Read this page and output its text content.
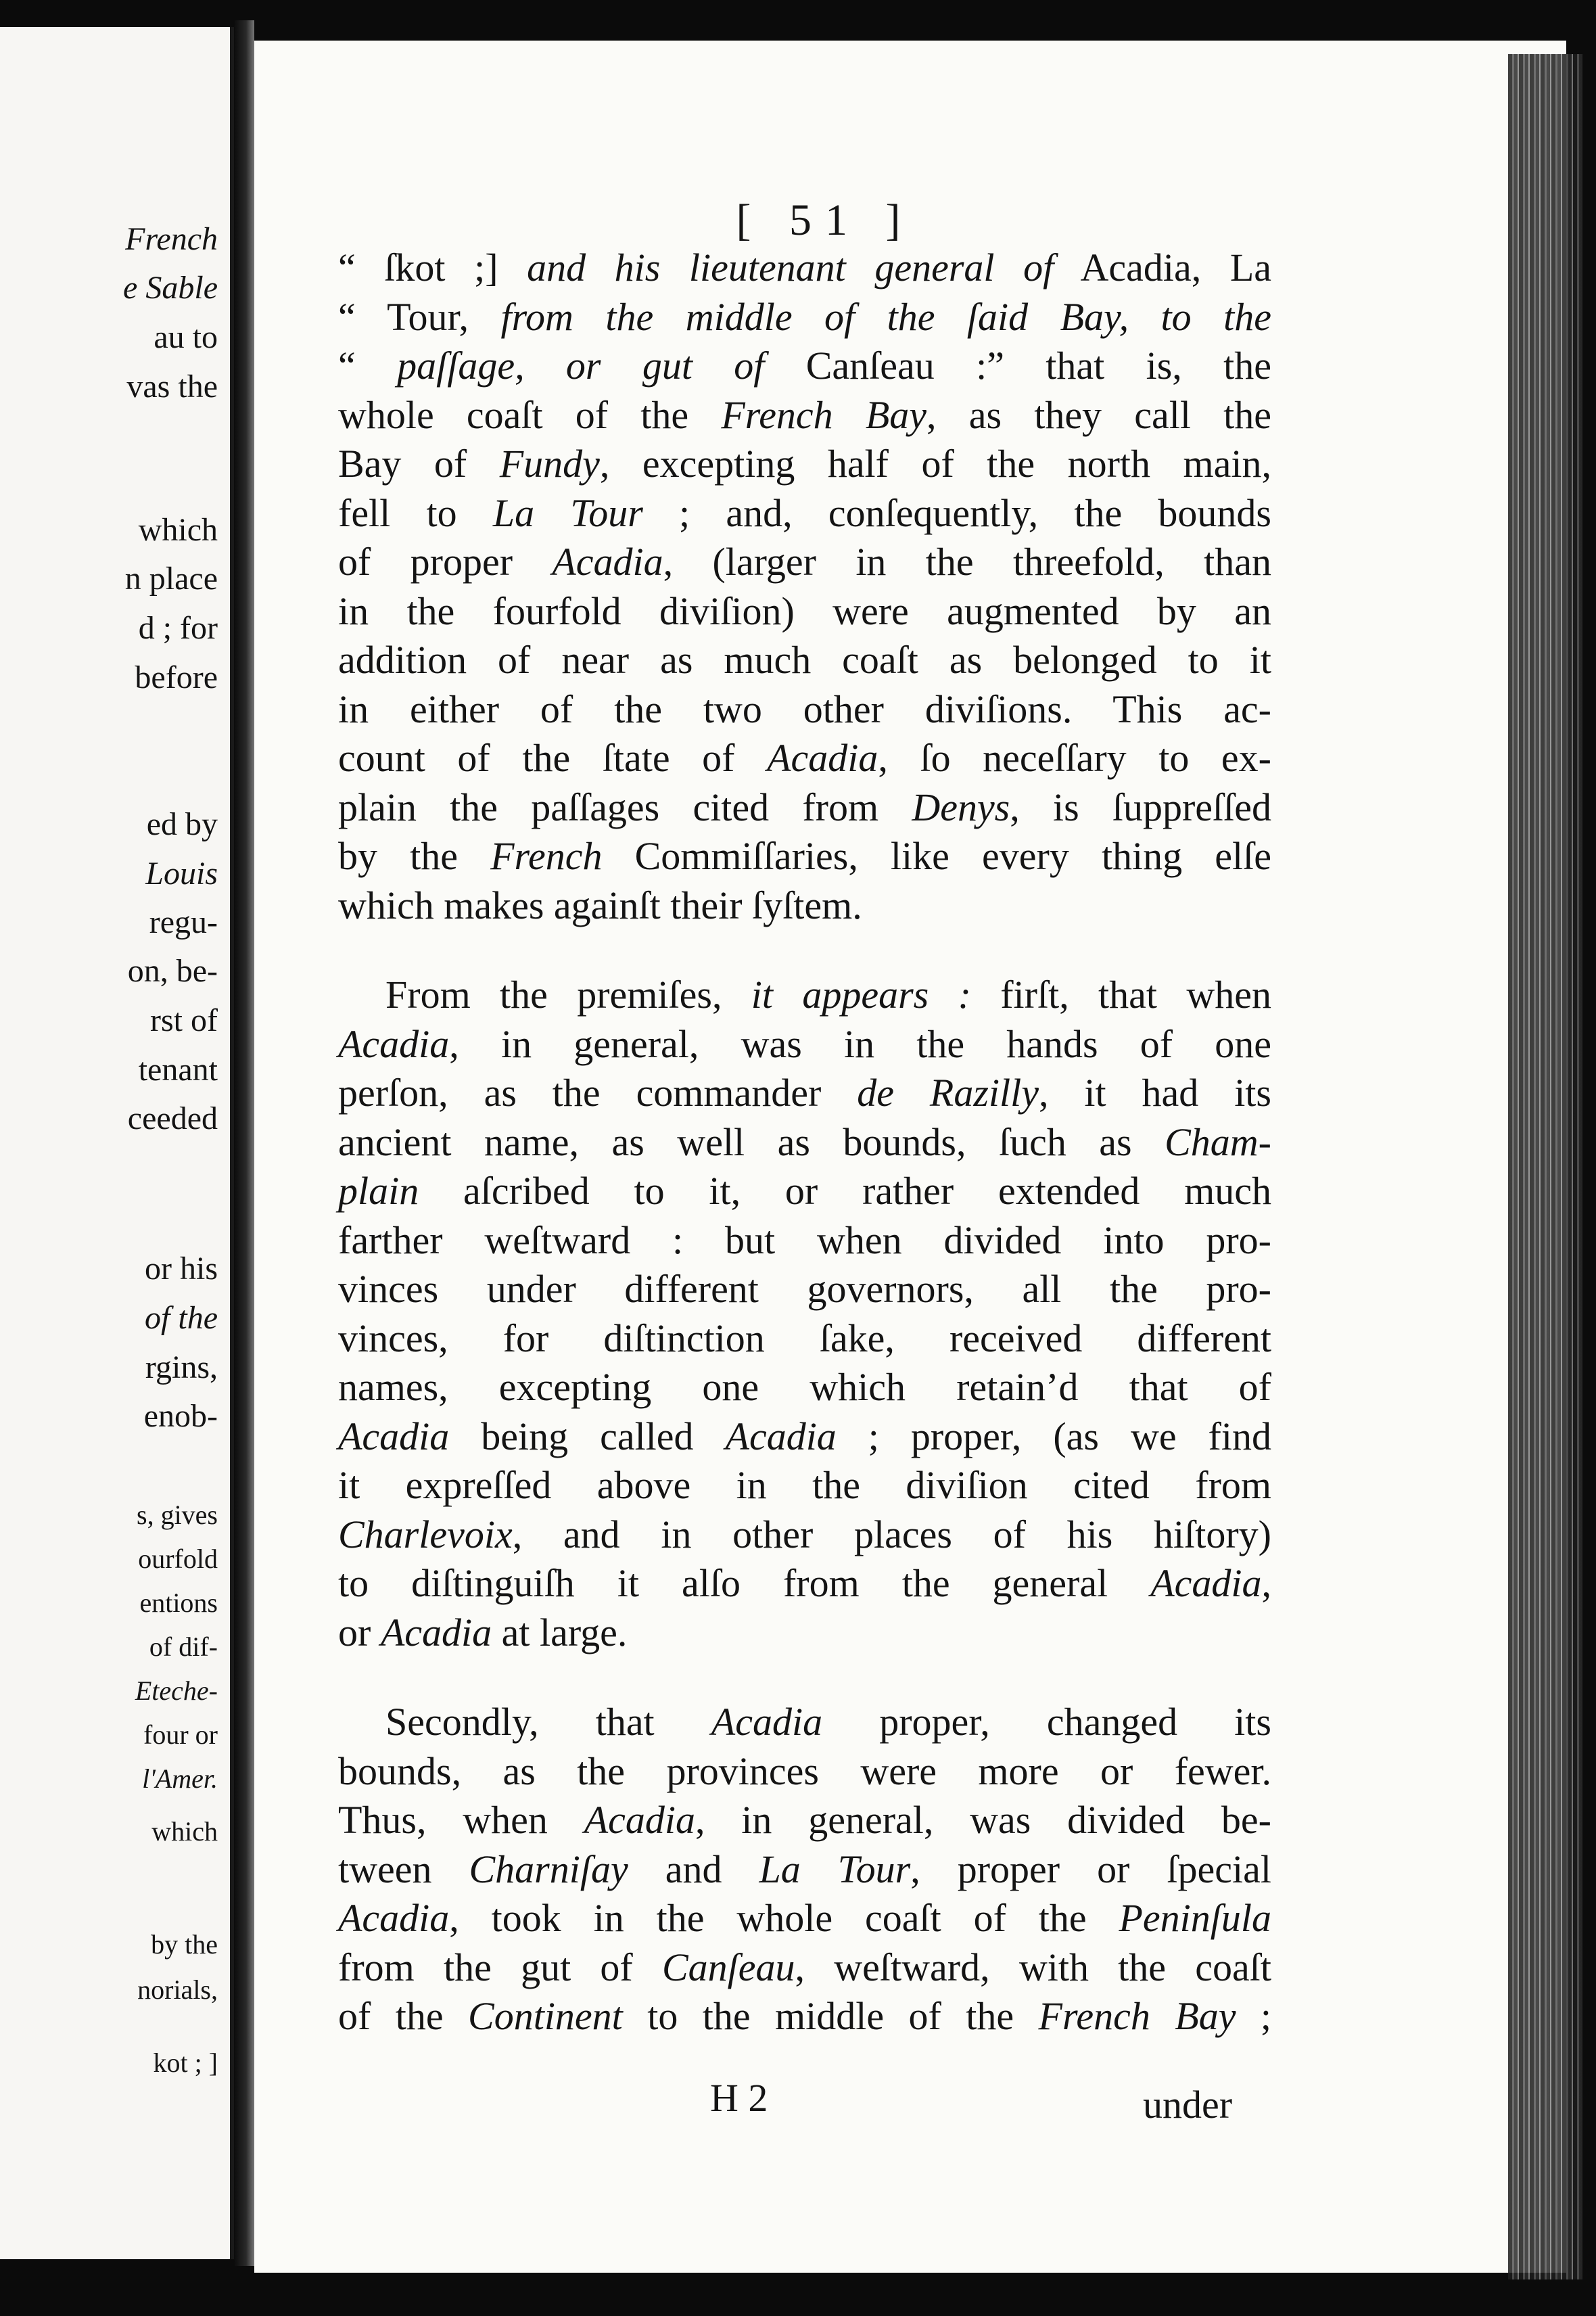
French
e Sable
au to
vas the
which
n place
d ; for
before
ed by
Louis
regu-
on, be-
rst of
tenant
ceeded
or his
of the
rgins,
enob-
s, gives
ourfold
entions
of dif-
Eteche-
four or
l'Amer.
which
by the
norials,
kot ; ]
[ 51 ]
“ ſkot ;] and his lieutenant general of Acadia, La
“ Tour, from the middle of the ſaid Bay, to the
“ paſſage, or gut of Canſeau :” that is, the
whole coaſt of the French Bay, as they call the
Bay of Fundy, excepting half of the north main,
fell to La Tour ; and, conſequently, the bounds
of proper Acadia, (larger in the threefold, than
in the fourfold diviſion) were augmented by an
addition of near as much coaſt as belonged to it
in either of the two other diviſions. This ac-
count of the ſtate of Acadia, ſo neceſſary to ex-
plain the paſſages cited from Denys, is ſuppreſſed
by the French Commiſſaries, like every thing elſe
which makes againſt their ſyſtem.
From the premiſes, it appears : firſt, that when
Acadia, in general, was in the hands of one
perſon, as the commander de Razilly, it had its
ancient name, as well as bounds, ſuch as Cham-
plain aſcribed to it, or rather extended much
farther weſtward : but when divided into pro-
vinces under different governors, all the pro-
vinces, for diſtinction ſake, received different
names, excepting one which retain’d that of
Acadia being called Acadia ; proper, (as we find
it expreſſed above in the diviſion cited from
Charlevoix, and in other places of his hiſtory)
to diſtinguiſh it alſo from the general Acadia,
or Acadia at large.
Secondly, that Acadia proper, changed its
bounds, as the provinces were more or fewer.
Thus, when Acadia, in general, was divided be-
tween Charniſay and La Tour, proper or ſpecial
Acadia, took in the whole coaſt of the Peninſula
from the gut of Canſeau, weſtward, with the coaſt
of the Continent to the middle of the French Bay ;
H 2	under
